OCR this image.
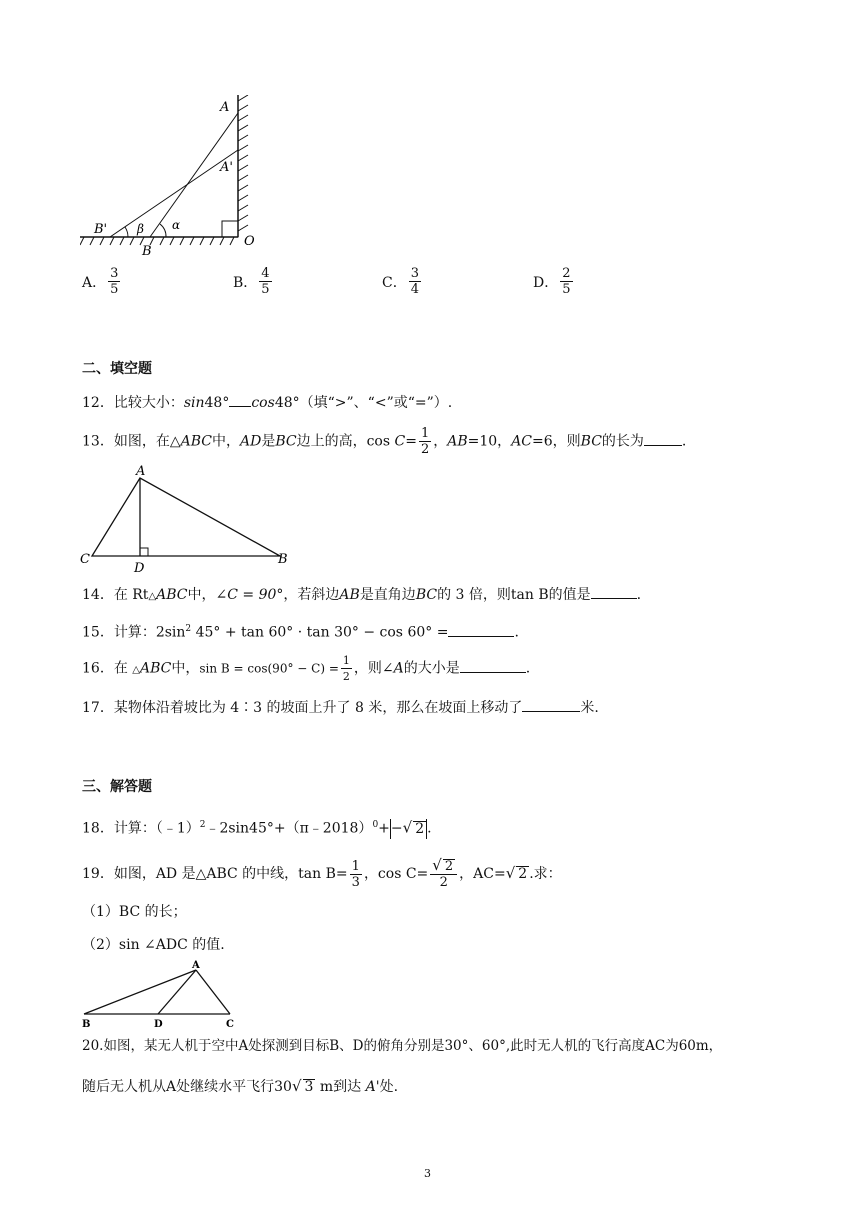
A
A'
B'
B
O
β α
A． $\frac{3}{5}$	B． $\frac{4}{5}$	C． $\frac{3}{4}$	D． $\frac{2}{5}$
二、填空题
12．比较大小：sin48° cos48°（填“>”、“<”或“=”）.
13．如图，在△ABC中，AD是BC边上的高，$\cos C= \frac{1}{2}$ ，AB=10，AC=6，则BC的长为	.
A
C	B
D
14．在 Rt△ABC中，∠C = 90°，若斜边AB是直角边BC的 3 倍，则tan B的值是	.
15．计算：$2\sin^2$ 45° + tan 60° · tan 30° − cos 60° =	.
16．在 △ABC中，$\sin B = \cos(90^\circ - C) = \frac{1}{2}$ ，则∠A的大小是	.
17．某物体沿着坡比为 4∶3 的坡面上升了 8 米，那么在坡面上移动了	米.
三、解答题
18．计算：（﹣1）$^2$﹣2sin45°+（π﹣2018）$^0$+−√ 2 .
19．如图，AD 是△ABC 的中线，$\tan B= \frac{1}{3}$ ，$\cos C= \frac{√ 2}{2}$ ，AC=√ 2 .求：
（1）BC 的长；
（2）sin ∠ADC 的值.
A
B	D	C
20.如图，某无人机于空中A处探测到目标B、D的俯角分别是30°、60°,此时无人机的飞行高度AC为60m，
随后无人机从A处继续水平飞行30√ 3 m到达 A'处.
3
